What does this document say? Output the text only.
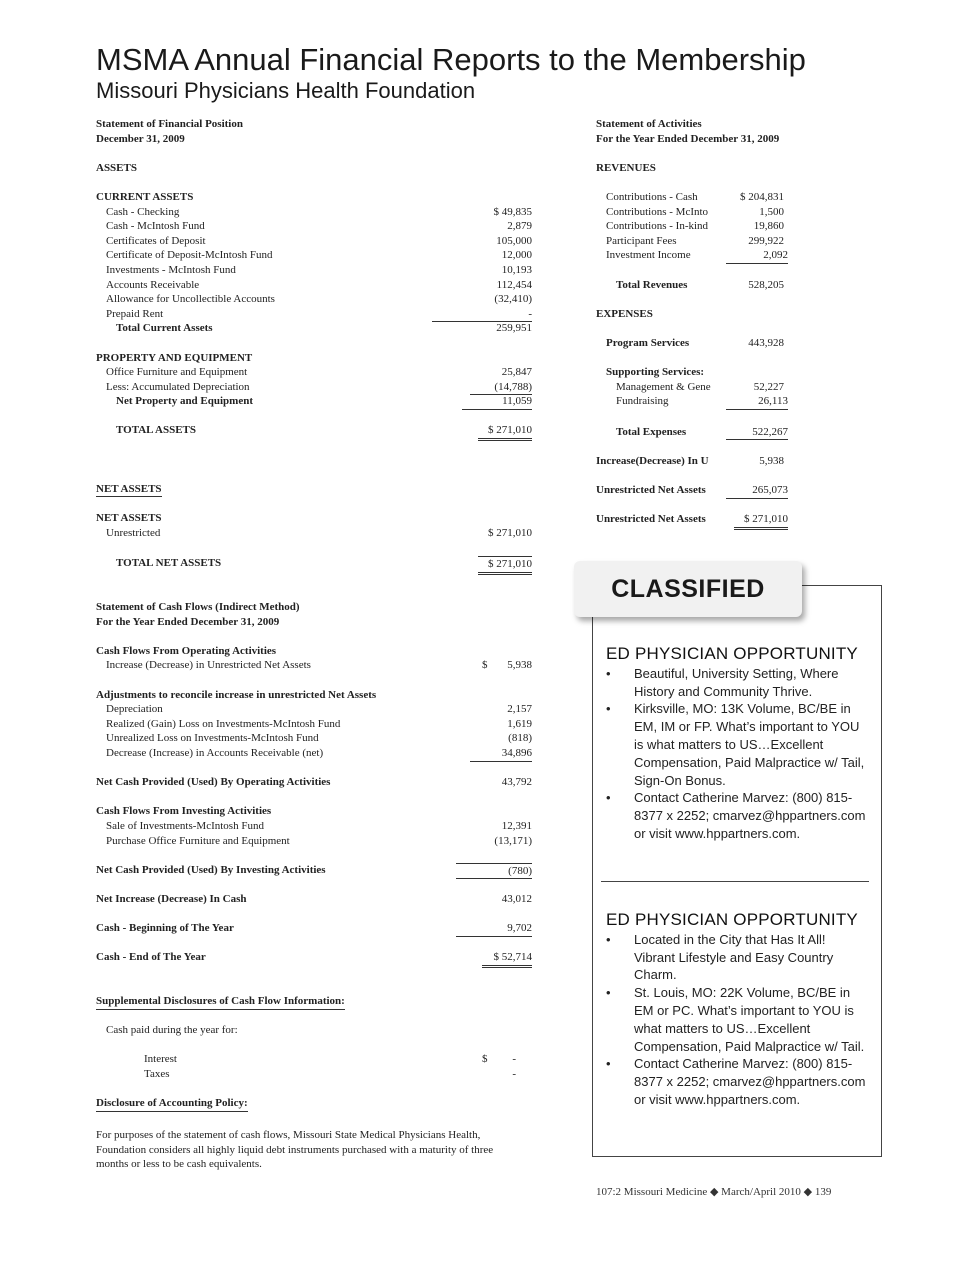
MSMA Annual Financial Reports to the Membership
Missouri Physicians Health Foundation
Statement of Financial Position
December 31, 2009
ASSETS
CURRENT ASSETS
Cash - Checking	$ 49,835
Cash - McIntosh Fund	2,879
Certificates of Deposit	105,000
Certificate of Deposit-McIntosh Fund	12,000
Investments - McIntosh Fund	10,193
Accounts Receivable	112,454
Allowance for Uncollectible Accounts	(32,410)
Prepaid Rent	-
Total Current Assets	259,951
PROPERTY AND EQUIPMENT
Office Furniture and Equipment	25,847
Less: Accumulated Depreciation	(14,788)
Net Property and Equipment	11,059
TOTAL ASSETS	$ 271,010
NET ASSETS
NET ASSETS
Unrestricted	$ 271,010
TOTAL NET ASSETS	$ 271,010
Statement of Cash Flows (Indirect Method)
For the Year Ended December 31, 2009
Cash Flows From Operating Activities
Increase (Decrease) in Unrestricted Net Assets	$ 5,938
Adjustments to reconcile increase in unrestricted Net Assets
Depreciation	2,157
Realized (Gain) Loss on Investments-McIntosh Fund	1,619
Unrealized Loss on Investments-McIntosh Fund	(818)
Decrease (Increase) in Accounts Receivable (net)	34,896
Net Cash Provided (Used) By Operating Activities	43,792
Cash Flows From Investing Activities
Sale of Investments-McIntosh Fund	12,391
Purchase Office Furniture and Equipment	(13,171)
Net Cash Provided (Used) By Investing Activities	(780)
Net Increase (Decrease) In Cash	43,012
Cash - Beginning of The Year	9,702
Cash - End of The Year	$ 52,714
Supplemental Disclosures of Cash Flow Information:
Cash paid during the year for:
Interest	$ -
Taxes	-
Disclosure of Accounting Policy:
For purposes of the statement of cash flows, Missouri State Medical Physicians Health, Foundation considers all highly liquid debt instruments purchased with a maturity of three months or less to be cash equivalents.
Statement of Activities
For the Year Ended December 31, 2009
REVENUES
Contributions - Cash	$ 204,831
Contributions - McInto	1,500
Contributions - In-kind	19,860
Participant Fees	299,922
Investment Income	2,092
Total Revenues	528,205
EXPENSES
Program Services	443,928
Supporting Services:
Management & Gene	52,227
Fundraising	26,113
Total Expenses	522,267
Increase(Decrease) In U	5,938
Unrestricted Net Assets	265,073
Unrestricted Net Assets	$ 271,010
CLASSIFIED
ED PHYSICIAN OPPORTUNITY
• Beautiful, University Setting, Where History and Community Thrive.
• Kirksville, MO: 13K Volume, BC/BE in EM, IM or FP. What’s important to YOU is what matters to US…Excellent Compensation, Paid Malpractice w/ Tail, Sign-On Bonus.
• Contact Catherine Marvez: (800) 815-8377 x 2252; cmarvez@hppartners.com or visit www.hppartners.com.
ED PHYSICIAN OPPORTUNITY
• Located in the City that Has It All! Vibrant Lifestyle and Easy Country Charm.
• St. Louis, MO: 22K Volume, BC/BE in EM or PC. What’s important to YOU is what matters to US…Excellent Compensation, Paid Malpractice w/ Tail.
• Contact Catherine Marvez: (800) 815-8377 x 2252; cmarvez@hppartners.com or visit www.hppartners.com.
107:2 Missouri Medicine ◆ March/April 2010 ◆ 139
